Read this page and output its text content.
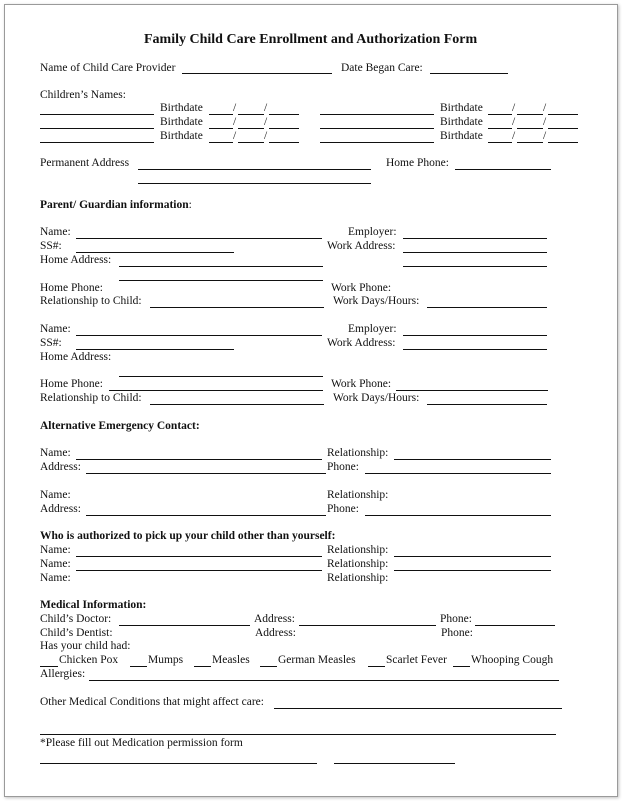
Family Child Care Enrollment and Authorization Form
Name of Child Care Provider	Date Began Care:
Children’s Names:
Birthdate	/ /	Birthdate	/ /
Birthdate	/ /	Birthdate	/ /
Birthdate	/ /	Birthdate	/ /
Permanent Address	Home Phone:
Parent/ Guardian information:
Name:	Employer:
SS#:	Work Address:
Home Address:
Home Phone:	Work Phone:
Relationship to Child:	Work Days/Hours:
Name:	Employer:
SS#:	Work Address:
Home Address:
Home Phone:	Work Phone:
Relationship to Child:	Work Days/Hours:
Alternative Emergency Contact:
Name:	Relationship:
Address:	Phone:
Name:	Relationship:
Address:	Phone:
Who is authorized to pick up your child other than yourself:
Name:	Relationship:
Name:	Relationship:
Name:	Relationship:
Medical Information:
Child’s Doctor:	Address:	Phone:
Child’s Dentist:	Address:	Phone:
Has your child had:
Chicken Pox	Mumps	Measles German Measles	Scarlet Fever Whooping Cough
Allergies:
Other Medical Conditions that might affect care:
*Please fill out Medication permission form
